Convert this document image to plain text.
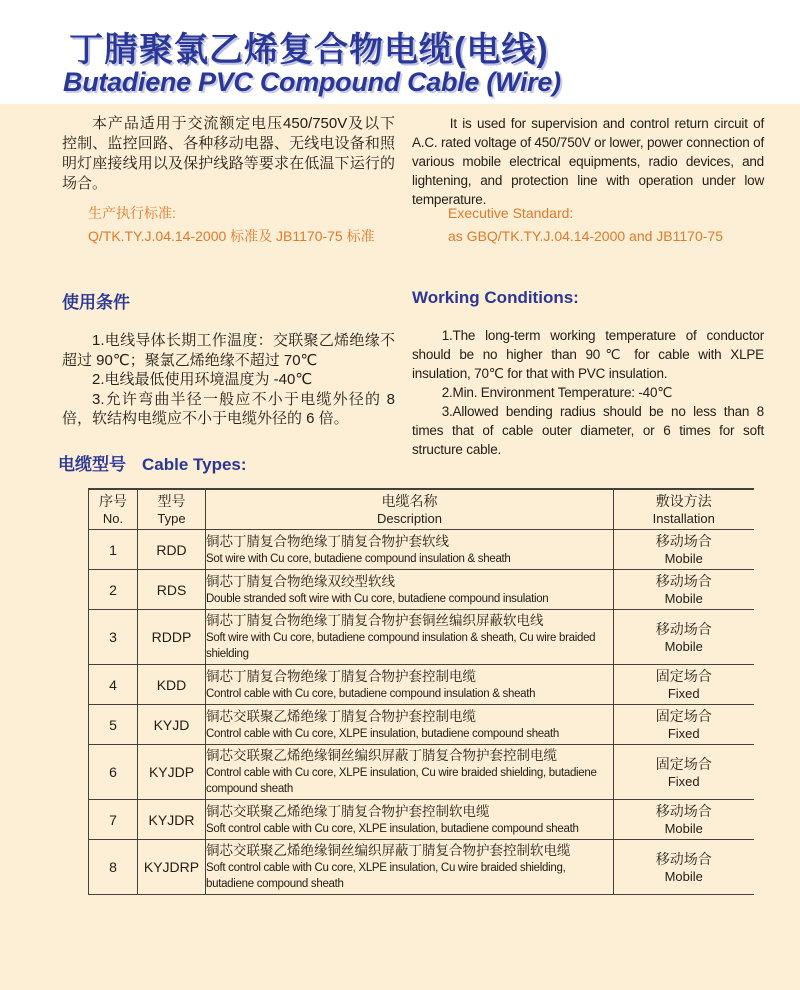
丁腈聚氯乙烯复合物电缆(电线)
Butadiene PVC Compound Cable (Wire)

本产品适用于交流额定电压450/750V及以下控制、监控回路、各种移动电器、无线电设备和照明灯座接线用以及保护线路等要求在低温下运行的场合。

It is used for supervision and control return circuit of A.C. rated voltage of 450/750V or lower, power connection of various mobile electrical equipments, radio devices, and lightening, and protection line with operation under low temperature.

生产执行标准:
Q/TK.TY.J.04.14-2000 标准及 JB1170-75 标准
Executive Standard:
as GBQ/TK.TY.J.04.14-2000 and JB1170-75
使用条件

1.电线导体长期工作温度：交联聚乙烯绝缘不超过 90℃；聚氯乙烯绝缘不超过 70℃

2.电线最低使用环境温度为 -40℃

3.允许弯曲半径一般应不小于电缆外径的 8 倍，软结构电缆应不小于电缆外径的 6 倍。

Working Conditions:

1.The long-term working temperature of conductor should be no higher than 90℃ for cable with XLPE insulation, 70℃ for that with PVC insulation.

2.Min. Environment Temperature: -40℃

3.Allowed bending radius should be no less than 8 times that of cable outer diameter, or 6 times for soft structure cable.

电缆型号 Cable Types:
序号
No.	型号
Type	电缆名称
Description	敷设方法
Installation

1	RDD	铜芯丁腈复合物绝缘丁腈复合物护套软线
Sot wire with Cu core, butadiene compound insulation & sheath	移动场合
Mobile

2	RDS	铜芯丁腈复合物绝缘双绞型软线
Double stranded soft wire with Cu core, butadiene compound insulation	移动场合
Mobile

3	RDDP	铜芯丁腈复合物绝缘丁腈复合物护套铜丝编织屏蔽软电线
Soft wire with Cu core, butadiene compound insulation & sheath, Cu wire braided shielding	移动场合
Mobile

4	KDD	铜芯丁腈复合物绝缘丁腈复合物护套控制电缆
Control cable with Cu core, butadiene compound insulation & sheath	固定场合
Fixed

5	KYJD	铜芯交联聚乙烯绝缘丁腈复合物护套控制电缆
Control cable with Cu core, XLPE insulation, butadiene compound sheath	固定场合
Fixed

6	KYJDP	铜芯交联聚乙烯绝缘铜丝编织屏蔽丁腈复合物护套控制电缆
Control cable with Cu core, XLPE insulation, Cu wire braided shielding, butadiene compound sheath	固定场合
Fixed

7	KYJDR	铜芯交联聚乙烯绝缘丁腈复合物护套控制软电缆
Soft control cable with Cu core, XLPE insulation, butadiene compound sheath	移动场合
Mobile

8	KYJDRP	铜芯交联聚乙烯绝缘铜丝编织屏蔽丁腈复合物护套控制软电缆
Soft control cable with Cu core, XLPE insulation, Cu wire braided shielding, butadiene compound sheath	移动场合
Mobile
